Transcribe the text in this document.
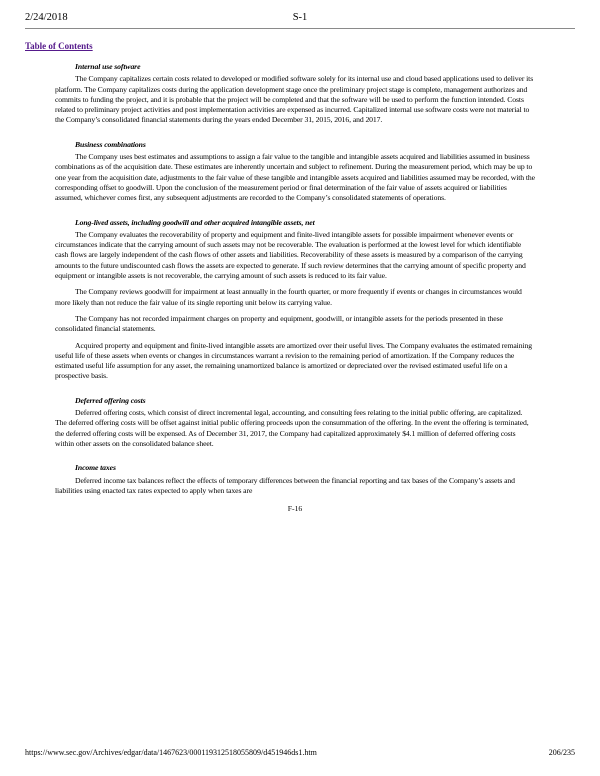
2/24/2018	S-1
Table of Contents
Internal use software

The Company capitalizes certain costs related to developed or modified software solely for its internal use and cloud based applications used to deliver its platform. The Company capitalizes costs during the application development stage once the preliminary project stage is complete, management authorizes and commits to funding the project, and it is probable that the project will be completed and that the software will be used to perform the function intended. Costs related to preliminary project activities and post implementation activities are expensed as incurred. Capitalized internal use software costs were not material to the Company’s consolidated financial statements during the years ended December 31, 2015, 2016, and 2017.

Business combinations

The Company uses best estimates and assumptions to assign a fair value to the tangible and intangible assets acquired and liabilities assumed in business combinations as of the acquisition date. These estimates are inherently uncertain and subject to refinement. During the measurement period, which may be up to one year from the acquisition date, adjustments to the fair value of these tangible and intangible assets acquired and liabilities assumed may be recorded, with the corresponding offset to goodwill. Upon the conclusion of the measurement period or final determination of the fair value of assets acquired or liabilities assumed, whichever comes first, any subsequent adjustments are recorded to the Company’s consolidated statements of operations.

Long-lived assets, including goodwill and other acquired intangible assets, net

The Company evaluates the recoverability of property and equipment and finite-lived intangible assets for possible impairment whenever events or circumstances indicate that the carrying amount of such assets may not be recoverable. The evaluation is performed at the lowest level for which identifiable cash flows are largely independent of the cash flows of other assets and liabilities. Recoverability of these assets is measured by a comparison of the carrying amounts to the future undiscounted cash flows the assets are expected to generate. If such review determines that the carrying amount of specific property and equipment or intangible assets is not recoverable, the carrying amount of such assets is reduced to its fair value.

The Company reviews goodwill for impairment at least annually in the fourth quarter, or more frequently if events or changes in circumstances would more likely than not reduce the fair value of its single reporting unit below its carrying value.

The Company has not recorded impairment charges on property and equipment, goodwill, or intangible assets for the periods presented in these consolidated financial statements.

Acquired property and equipment and finite-lived intangible assets are amortized over their useful lives. The Company evaluates the estimated remaining useful life of these assets when events or changes in circumstances warrant a revision to the remaining period of amortization. If the Company reduces the estimated useful life assumption for any asset, the remaining unamortized balance is amortized or depreciated over the revised estimated useful life on a prospective basis.

Deferred offering costs

Deferred offering costs, which consist of direct incremental legal, accounting, and consulting fees relating to the initial public offering, are capitalized. The deferred offering costs will be offset against initial public offering proceeds upon the consummation of the offering. In the event the offering is terminated, the deferred offering costs will be expensed. As of December 31, 2017, the Company had capitalized approximately $4.1 million of deferred offering costs within other assets on the consolidated balance sheet.

Income taxes

Deferred income tax balances reflect the effects of temporary differences between the financial reporting and tax bases of the Company’s assets and liabilities using enacted tax rates expected to apply when taxes are

F-16
https://www.sec.gov/Archives/edgar/data/1467623/000119312518055809/d451946ds1.htm	206/235
